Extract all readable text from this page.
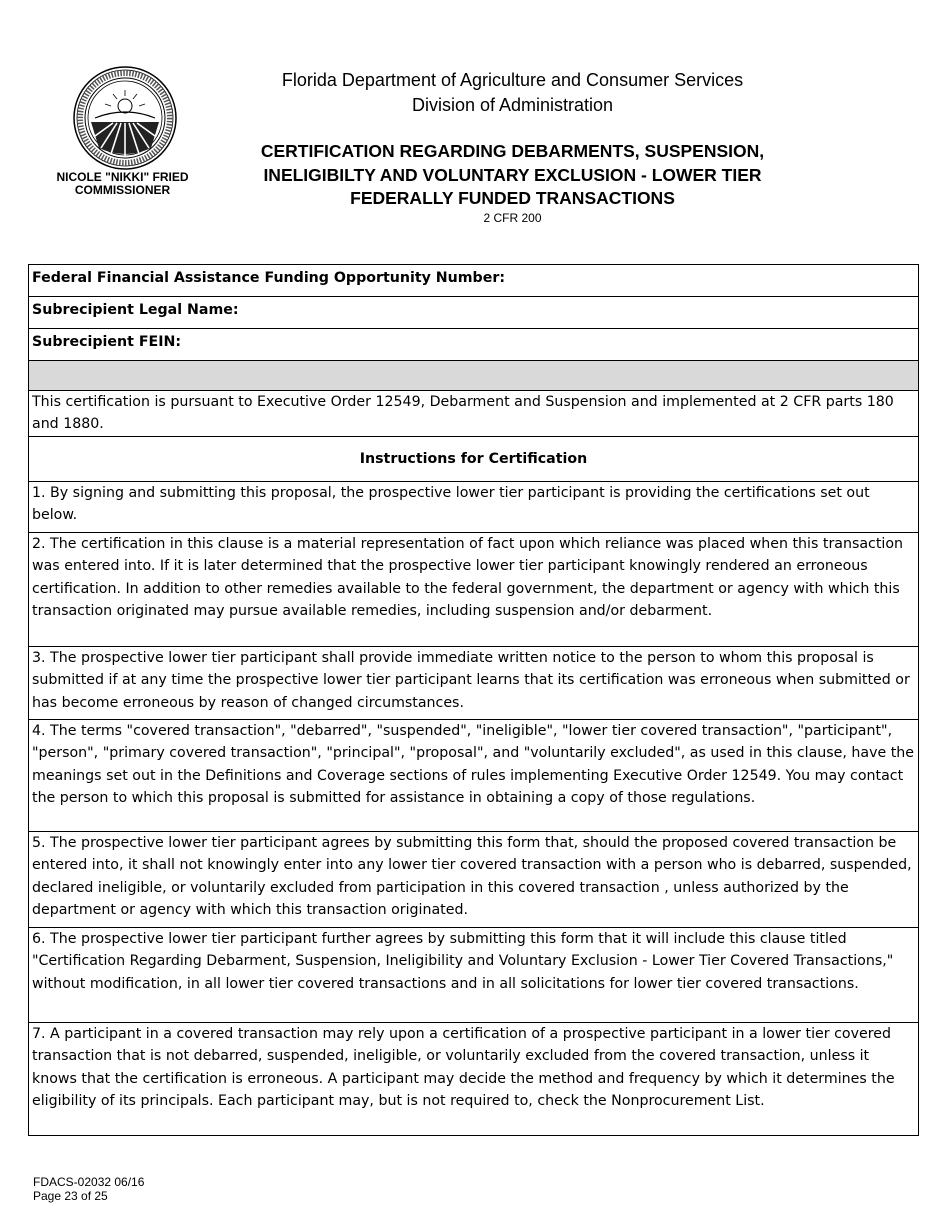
NICOLE "NIKKI" FRIED
COMMISSIONER
Florida Department of Agriculture and Consumer Services
Division of Administration
CERTIFICATION REGARDING DEBARMENTS, SUSPENSION,
INELIGIBILTY AND VOLUNTARY EXCLUSION - LOWER TIER
FEDERALLY FUNDED TRANSACTIONS
2 CFR 200
Federal Financial Assistance Funding Opportunity Number:
Subrecipient Legal Name:
Subrecipient FEIN:

This certification is pursuant to Executive Order 12549, Debarment and Suspension and implemented at 2 CFR parts 180 and 1880.
Instructions for Certification
1. By signing and submitting this proposal, the prospective lower tier participant is providing the certifications set out below.
2. The certification in this clause is a material representation of fact upon which reliance was placed when this transaction was entered into. If it is later determined that the prospective lower tier participant knowingly rendered an erroneous certification. In addition to other remedies available to the federal government, the department or agency with which this transaction originated may pursue available remedies, including suspension and/or debarment.
3. The prospective lower tier participant shall provide immediate written notice to the person to whom this proposal is submitted if at any time the prospective lower tier participant learns that its certification was erroneous when submitted or has become erroneous by reason of changed circumstances.
4. The terms "covered transaction", "debarred", "suspended", "ineligible", "lower tier covered transaction", "participant", "person", "primary covered transaction", "principal", "proposal", and "voluntarily excluded", as used in this clause, have the meanings set out in the Definitions and Coverage sections of rules implementing Executive Order 12549. You may contact the person to which this proposal is submitted for assistance in obtaining a copy of those regulations.
5. The prospective lower tier participant agrees by submitting this form that, should the proposed covered transaction be entered into, it shall not knowingly enter into any lower tier covered transaction with a person who is debarred, suspended, declared ineligible, or voluntarily excluded from participation in this covered transaction , unless authorized by the department or agency with which this transaction originated.
6. The prospective lower tier participant further agrees by submitting this form that it will include this clause titled "Certification Regarding Debarment, Suspension, Ineligibility and Voluntary Exclusion - Lower Tier Covered Transactions," without modification, in all lower tier covered transactions and in all solicitations for lower tier covered transactions.
7. A participant in a covered transaction may rely upon a certification of a prospective participant in a lower tier covered transaction that is not debarred, suspended, ineligible, or voluntarily excluded from the covered transaction, unless it knows that the certification is erroneous. A participant may decide the method and frequency by which it determines the eligibility of its principals. Each participant may, but is not required to, check the Nonprocurement List.
FDACS-02032 06/16
Page 23 of 25
